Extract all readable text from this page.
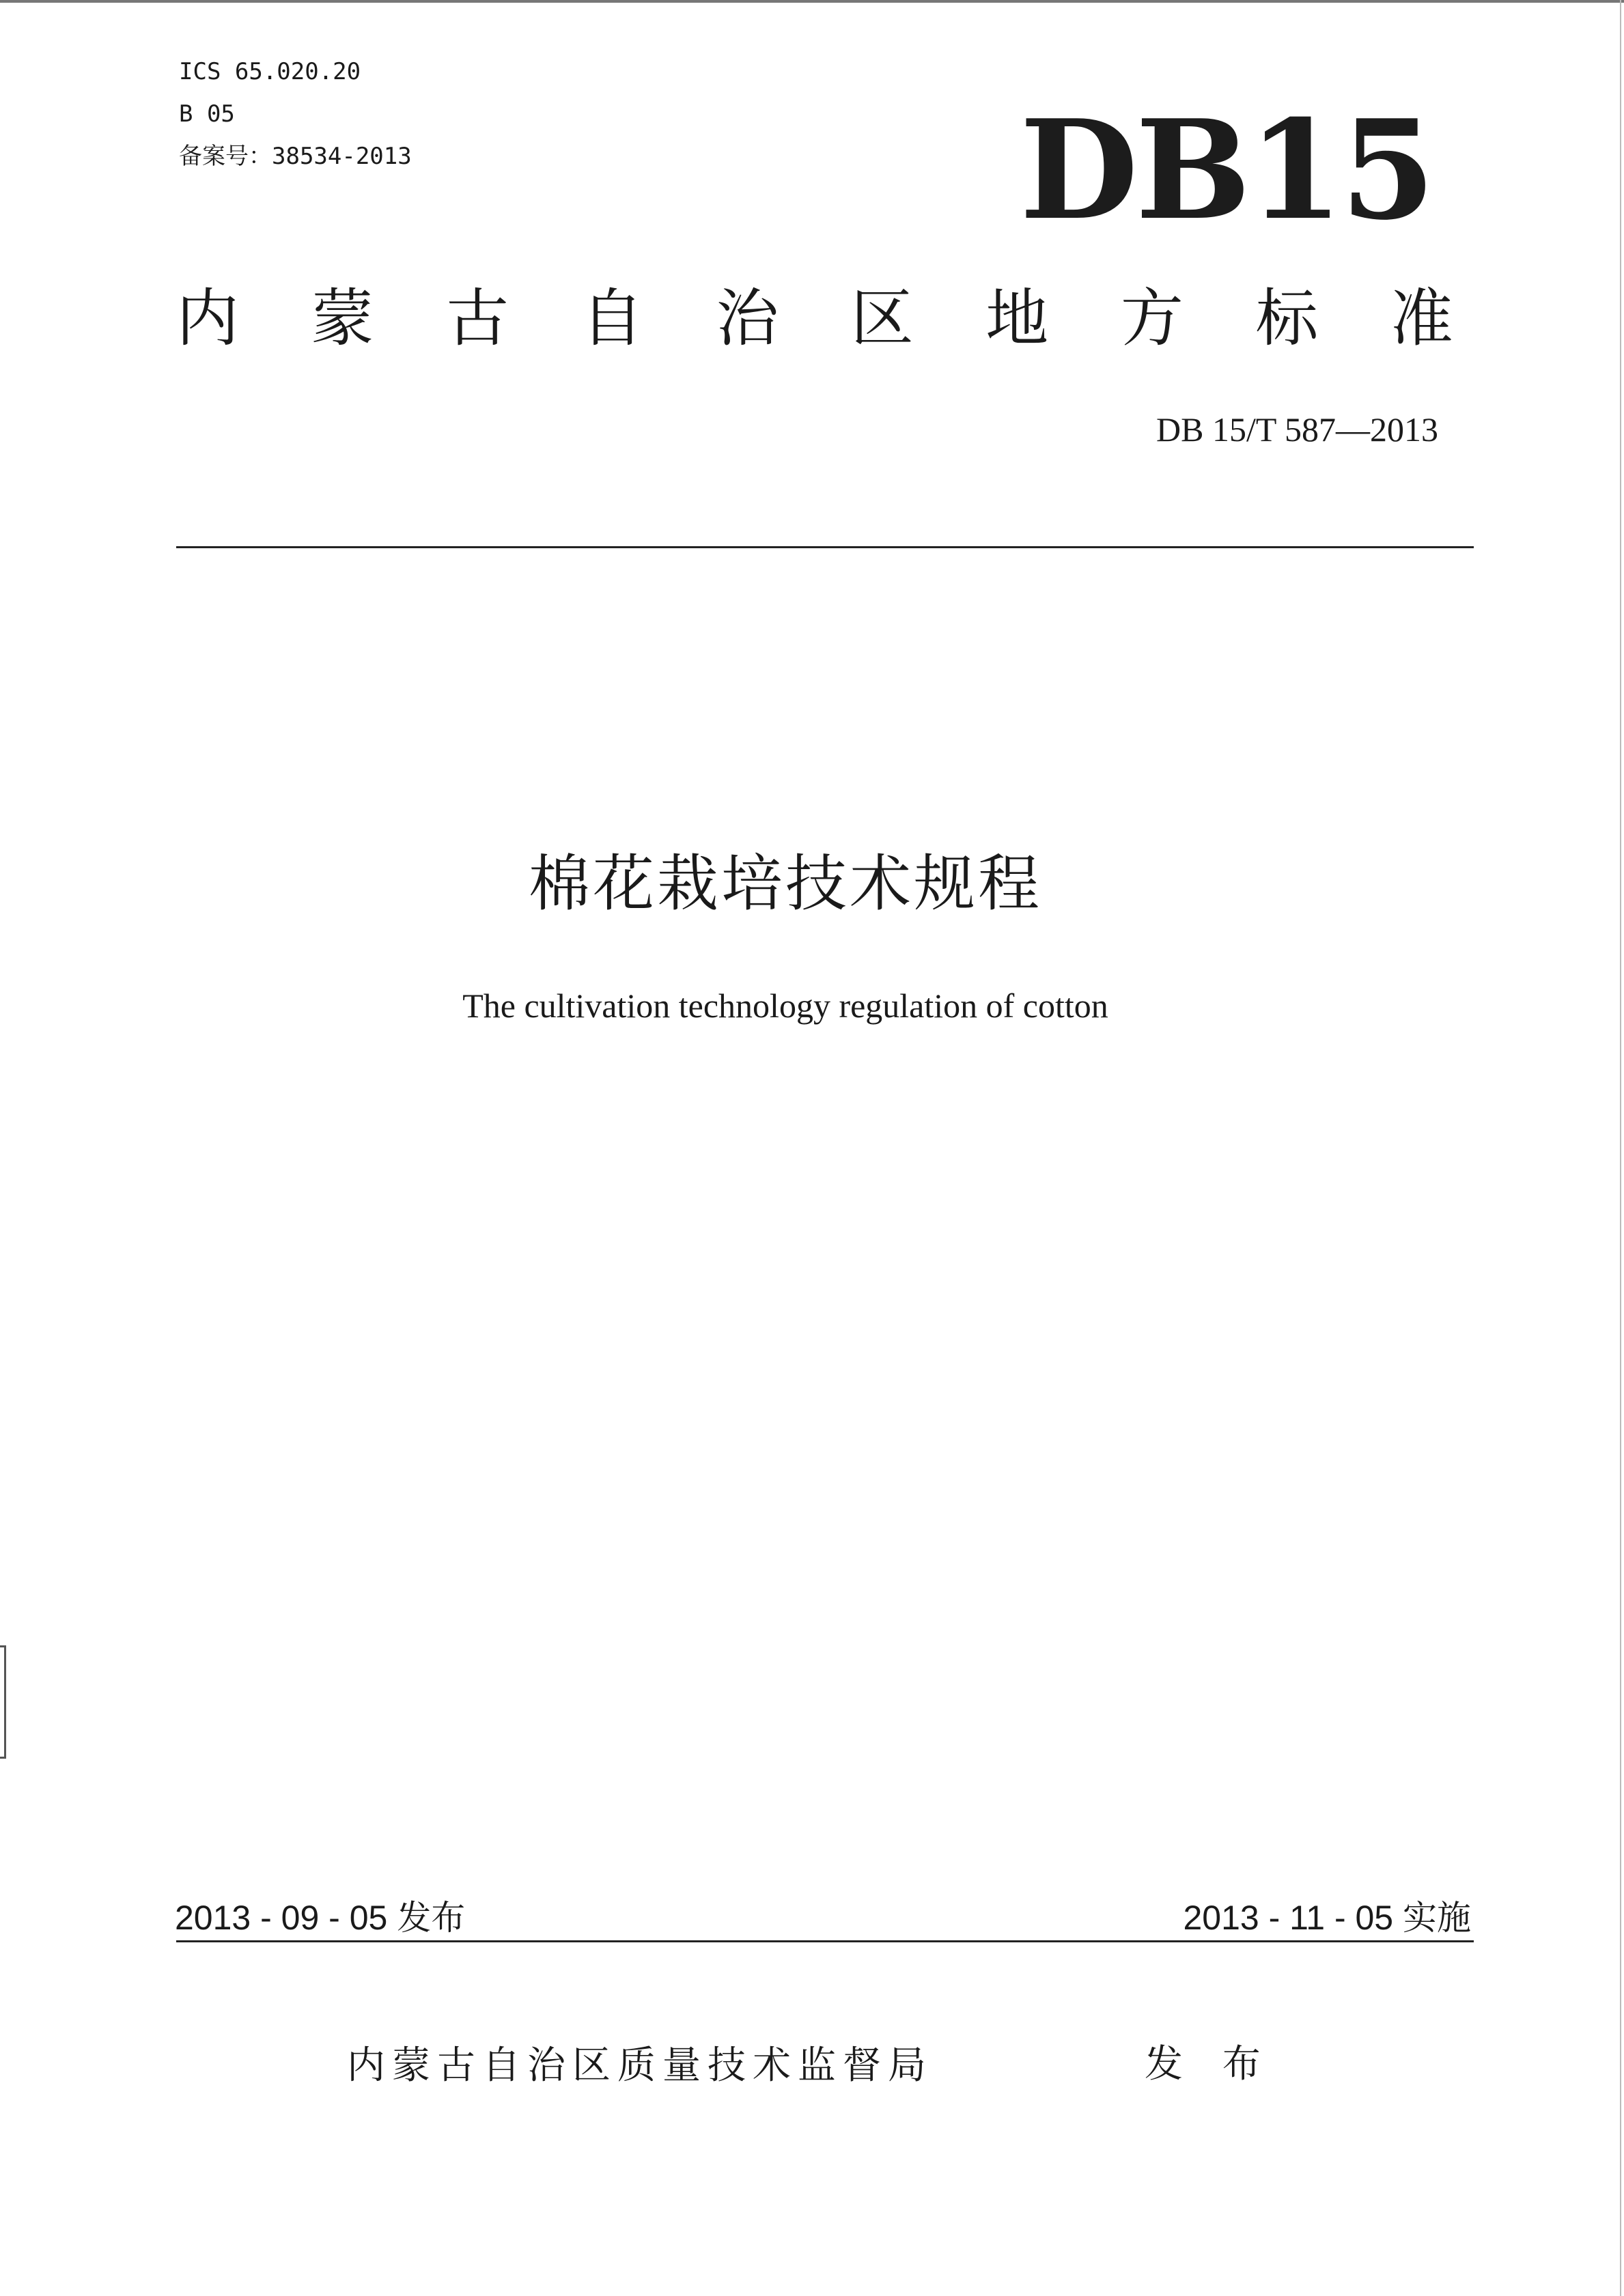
ICS 65.020.20
B 05
备案号：38534-2013	DB15
内 蒙 古 自 治 区 地 方 标 准
DB 15/T 587—2013
棉花栽培技术规程
The cultivation technology regulation of cotton
2013 - 09 - 05 发布	2013 - 11 - 05 实施
内蒙古自治区质量技术监督局	发 布
